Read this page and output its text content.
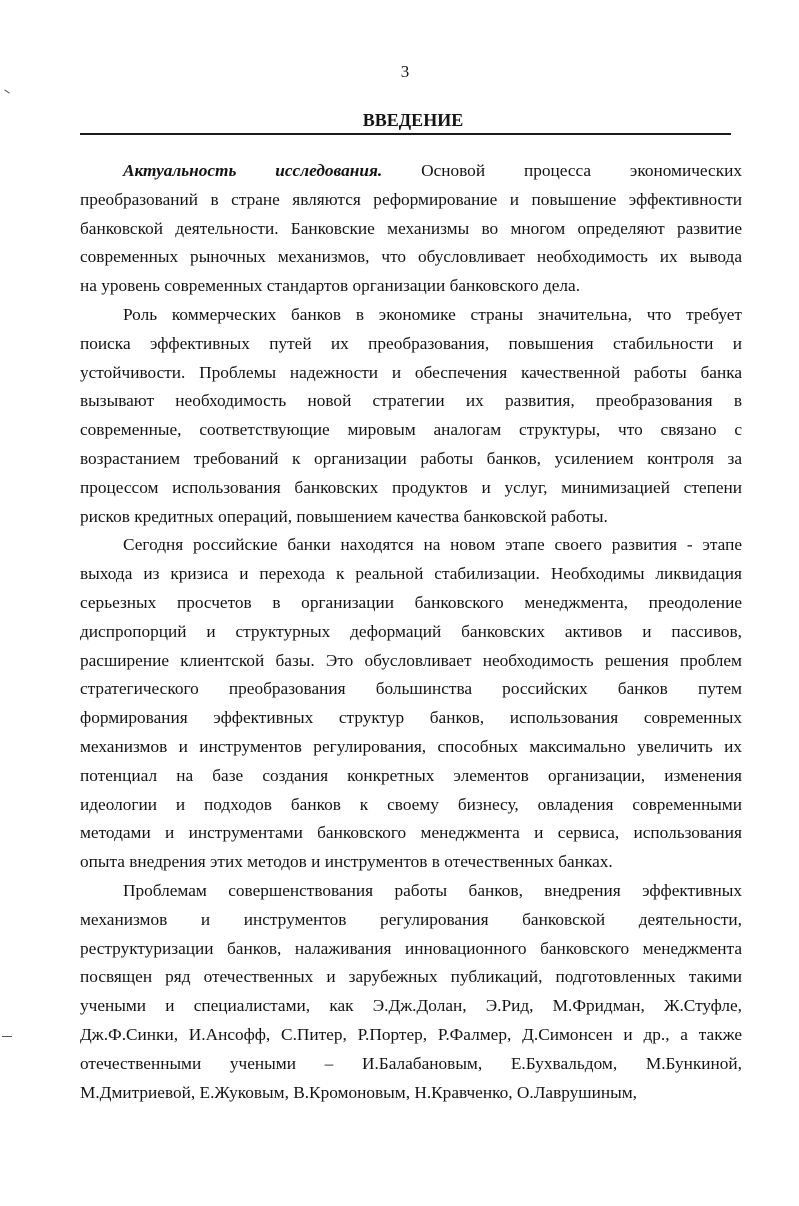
3
ВВЕДЕНИЕ
Актуальность исследования. Основой процесса экономических
преобразований в стране являются реформирование и повышение эффективности
банковской деятельности. Банковские механизмы во многом определяют развитие
современных рыночных механизмов, что обусловливает необходимость их вывода
на уровень современных стандартов организации банковского дела.
Роль коммерческих банков в экономике страны значительна, что требует
поиска эффективных путей их преобразования, повышения стабильности и
устойчивости. Проблемы надежности и обеспечения качественной работы банка
вызывают необходимость новой стратегии их развития, преобразования в
современные, соответствующие мировым аналогам структуры, что связано с
возрастанием требований к организации работы банков, усилением контроля за
процессом использования банковских продуктов и услуг, минимизацией степени
рисков кредитных операций, повышением качества банковской работы.
Сегодня российские банки находятся на новом этапе своего развития - этапе
выхода из кризиса и перехода к реальной стабилизации. Необходимы ликвидация
серьезных просчетов в организации банковского менеджмента, преодоление
диспропорций и структурных деформаций банковских активов и пассивов,
расширение клиентской базы. Это обусловливает необходимость решения проблем
стратегического преобразования большинства российских банков путем
формирования эффективных структур банков, использования современных
механизмов и инструментов регулирования, способных максимально увеличить их
потенциал на базе создания конкретных элементов организации, изменения
идеологии и подходов банков к своему бизнесу, овладения современными
методами и инструментами банковского менеджмента и сервиса, использования
опыта внедрения этих методов и инструментов в отечественных банках.
Проблемам совершенствования работы банков, внедрения эффективных
механизмов и инструментов регулирования банковской деятельности,
реструктуризации банков, налаживания инновационного банковского менеджмента
посвящен ряд отечественных и зарубежных публикаций, подготовленных такими
учеными и специалистами, как Э.Дж.Долан, Э.Рид, М.Фридман, Ж.Стуфле,
Дж.Ф.Синки, И.Ансофф, С.Питер, Р.Портер, Р.Фалмер, Д.Симонсен и др., а также
отечественными учеными – И.Балабановым, Е.Бухвальдом, М.Бункиной,
М.Дмитриевой, Е.Жуковым, В.Кромоновым, Н.Кравченко, О.Лаврушиным,
